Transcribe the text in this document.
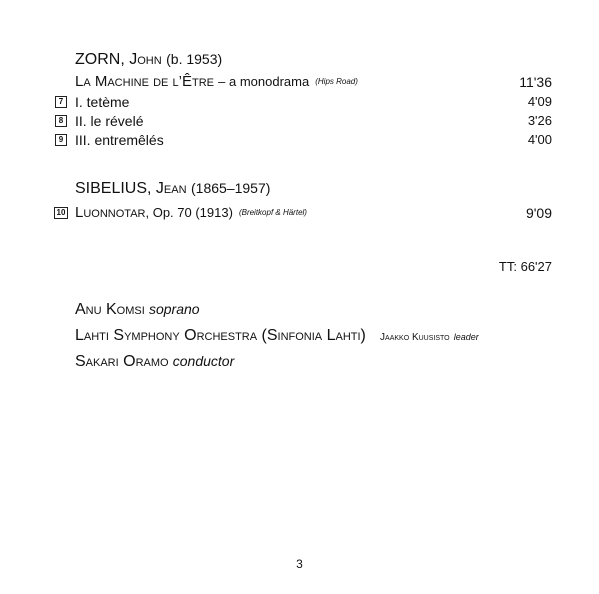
ZORN, John (b. 1953)
La Machine de l’Être – a monodrama (Hips Road)	11'36
7 I. tetème	4'09
8 II. le révelé	3'26
9 III. entremêlés	4'00
SIBELIUS, Jean (1865–1957)
10 Luonnotar, Op. 70 (1913) (Breitkopf & Härtel)	9'09
TT: 66'27
Anu Komsi soprano
Lahti Symphony Orchestra (Sinfonia Lahti) Jaakko Kuusisto leader
Sakari Oramo conductor
3
